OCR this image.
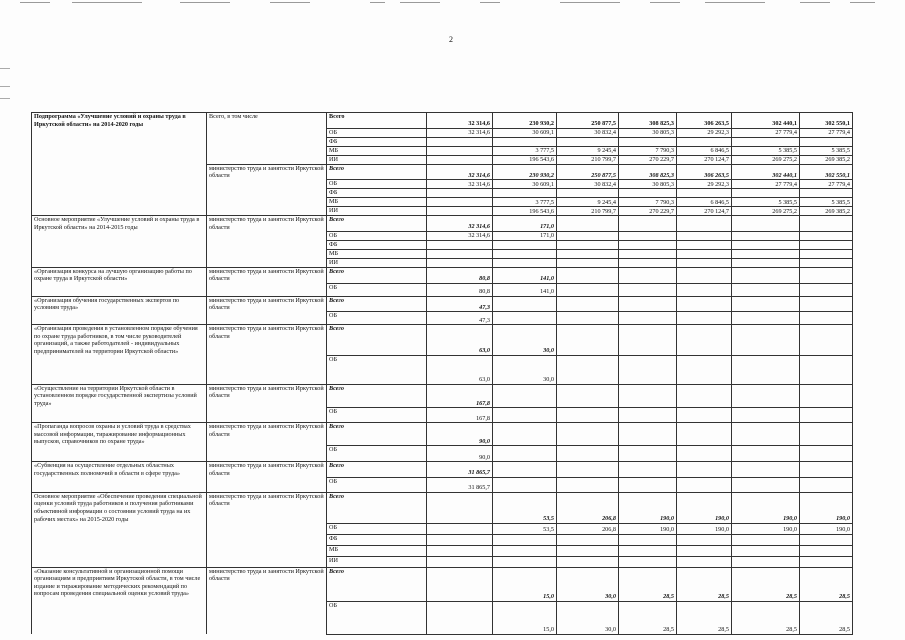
2
Подпрограмма «Улучшение условий и охраны труда в Иркутской области» на 2014-2020 годы	Всего, в том числе	Всего	32 314,6	230 930,2	250 877,5	308 825,3	306 263,5	302 440,1	302 550,1
		ОБ	32 314,6	30 609,1	30 832,4	30 805,3	29 292,3	27 779,4	27 779,4
		ФБ							
		МБ		3 777,5	9 245,4	7 790,3	6 846,5	5 385,5	5 385,5
		ИИ		196 543,6	210 799,7	270 229,7	270 124,7	269 275,2	269 385,2
	министерство труда и занятости Иркутской области	Всего	32 314,6	230 930,2	250 877,5	308 825,3	306 263,5	302 440,1	302 550,1
		ОБ	32 314,6	30 609,1	30 832,4	30 805,3	29 292,3	27 779,4	27 779,4
		ФБ							
		МБ		3 777,5	9 245,4	7 790,3	6 846,5	5 385,5	5 385,5
		ИИ		196 543,6	210 799,7	270 229,7	270 124,7	269 275,2	269 385,2
Основное мероприятие «Улучшение условий и охраны труда в Иркутской области» на 2014-2015 годы	министерство труда и занятости Иркутской области	Всего	32 314,6	171,0					
		ОБ	32 314,6	171,0					
		ФБ							
		МБ							
		ИИ							
«Организация конкурса на лучшую организацию работы по охране труда в Иркутской области»	министерство труда и занятости Иркутской области	Всего	80,8	141,0					
		ОБ	80,8	141,0					
«Организация обучения государственных экспертов по условиям труда»	министерство труда и занятости Иркутской области	Всего	47,3						
		ОБ	47,3						
«Организация проведения в установленном порядке обучения по охране труда работников, в том числе руководителей организаций, а также работодателей - индивидуальных предпринимателей на территории Иркутской области»	министерство труда и занятости Иркутской области	Всего	63,0	30,0					
		ОБ	63,0	30,0					
«Осуществление на территории Иркутской области в установленном порядке государственной экспертизы условий труда»	министерство труда и занятости Иркутской области	Всего	167,8						
		ОБ	167,8						
«Пропаганда вопросов охраны и условий труда в средствах массовой информации, тиражирование информационных выпусков, справочников по охране труда»	министерство труда и занятости Иркутской области	Всего	90,0						
		ОБ	90,0						
«Субвенция на осуществление отдельных областных государственных полномочий в области в сфере труда»	министерство труда и занятости Иркутской области	Всего	31 865,7						
		ОБ	31 865,7						
Основное мероприятие «Обеспечение проведения специальной оценки условий труда работников и получения работниками объективной информации о состоянии условий труда на их рабочих местах» на 2015-2020 годы	министерство труда и занятости Иркутской области	Всего		53,5	206,8	190,0	190,0	190,0	190,0
		ОБ		53,5	206,8	190,0	190,0	190,0	190,0
		ФБ							
		МБ							
		ИИ							
«Оказание консультативной и организационной помощи организациям и предприятиям Иркутской области, в том числе издание и тиражирование методических рекомендаций по вопросам проведения специальной оценки условий труда»	министерство труда и занятости Иркутской области	Всего		15,0	30,0	28,5	28,5	28,5	28,5
		ОБ		15,0	30,0	28,5	28,5	28,5	28,5
